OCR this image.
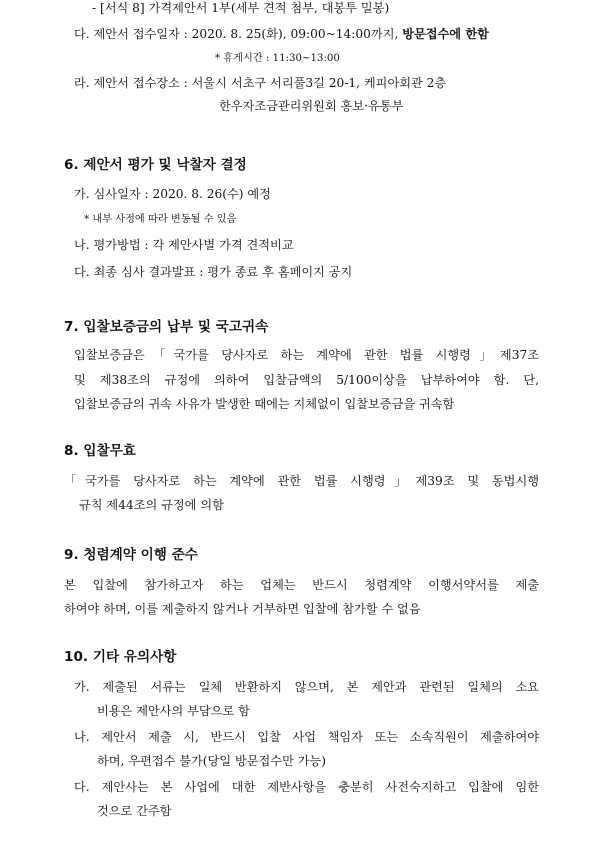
- [서식 8] 가격제안서 1부(세부 견적 첨부, 대봉투 밀봉)
다. 제안서 접수일자 : 2020. 8. 25(화), 09:00~14:00까지, 방문접수에 한함
* 휴게시간 : 11:30~13:00
라. 제안서 접수장소 : 서울시 서초구 서리풀3길 20-1, 케피아회관 2층
한우자조금관리위원회 홍보·유통부
6. 제안서 평가 및 낙찰자 결정
가. 심사일자 : 2020. 8. 26(수) 예정
* 내부 사정에 따라 변동될 수 있음
나. 평가방법 : 각 제안사별 가격 견적비교
다. 최종 심사 결과발표 : 평가 종료 후 홈페이지 공지
7. 입찰보증금의 납부 및 국고귀속
입찰보증금은「국가를 당사자로 하는 계약에 관한 법률 시행령」제37조
및 제38조의 규정에 의하여 입찰금액의 5/100이상을 납부하여야 함. 단,
입찰보증금의 귀속 사유가 발생한 때에는 지체없이 입찰보증금을 귀속함
8. 입찰무효
「국가를 당사자로 하는 계약에 관한 법률 시행령」제39조 및 동법시행
규칙 제44조의 규정에 의함
9. 청렴계약 이행 준수
본 입찰에 참가하고자 하는 업체는 반드시 청렴계약 이행서약서를 제출
하여야 하며, 이를 제출하지 않거나 거부하면 입찰에 참가할 수 없음
10. 기타 유의사항
가. 제출된 서류는 일체 반환하지 않으며, 본 제안과 관련된 일체의 소요
비용은 제안사의 부담으로 함
나. 제안서 제출 시, 반드시 입찰 사업 책임자 또는 소속직원이 제출하여야
하며, 우편접수 불가(당일 방문접수만 가능)
다. 제안사는 본 사업에 대한 제반사항을 충분히 사전숙지하고 입찰에 임한
것으로 간주함
